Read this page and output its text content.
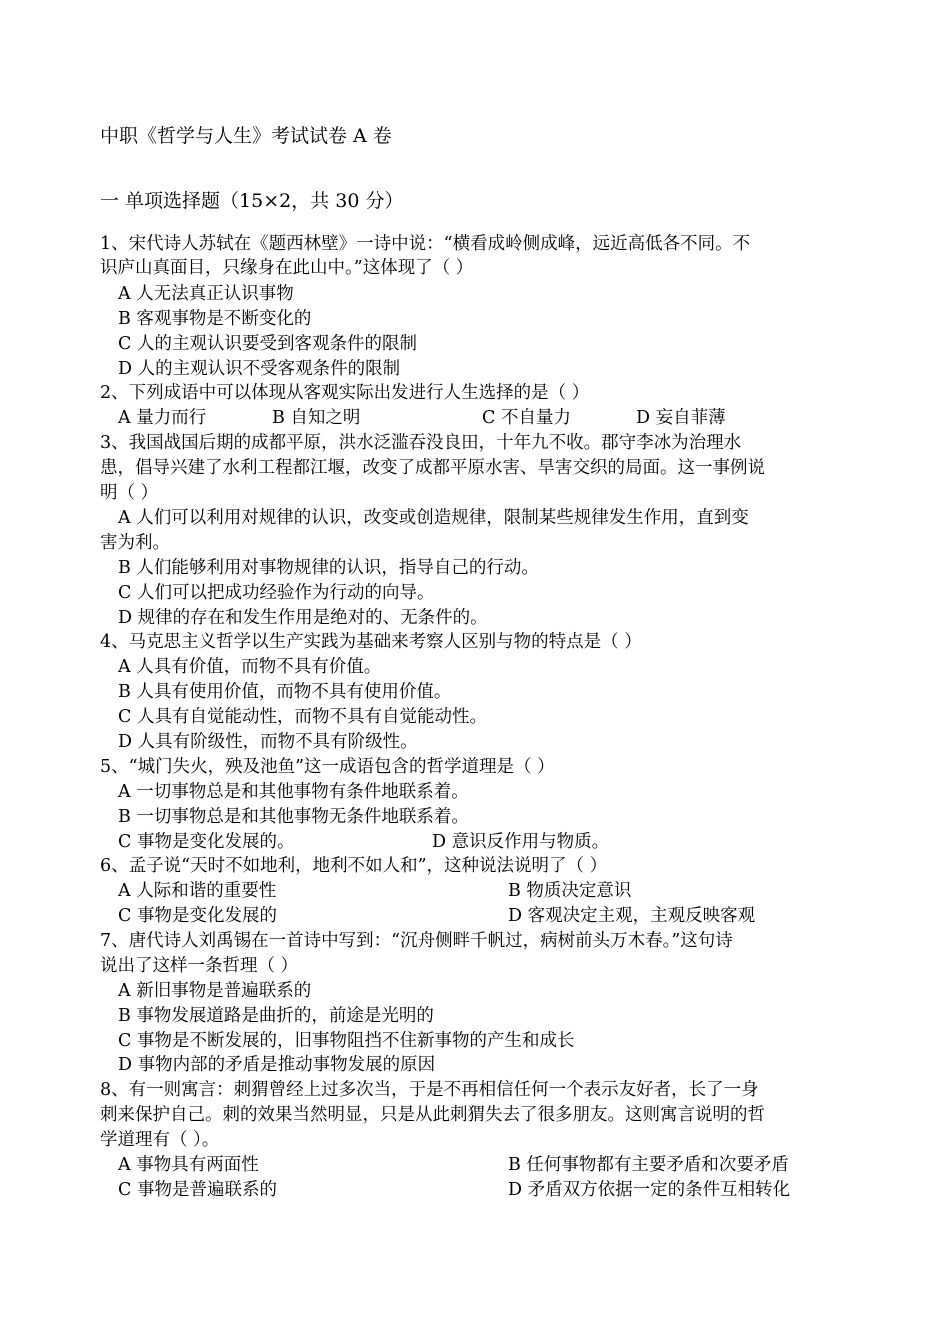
中职《哲学与人生》考试试卷 A 卷
一 单项选择题（15×2，共 30 分）
1、宋代诗人苏轼在《题西林壁》一诗中说：“横看成岭侧成峰，远近高低各不同。不
识庐山真面目，只缘身在此山中。”这体现了（ ）
A 人无法真正认识事物
B 客观事物是不断变化的
C 人的主观认识要受到客观条件的限制
D 人的主观认识不受客观条件的限制
2、下列成语中可以体现从客观实际出发进行人生选择的是（ ）
A 量力而行	B 自知之明	C 不自量力	D 妄自菲薄
3、我国战国后期的成都平原，洪水泛滥吞没良田，十年九不收。郡守李冰为治理水
患，倡导兴建了水利工程都江堰，改变了成都平原水害、旱害交织的局面。这一事例说
明（ ）
A 人们可以利用对规律的认识，改变或创造规律，限制某些规律发生作用，直到变
害为利。
B 人们能够利用对事物规律的认识，指导自己的行动。
C 人们可以把成功经验作为行动的向导。
D 规律的存在和发生作用是绝对的、无条件的。
4、马克思主义哲学以生产实践为基础来考察人区别与物的特点是（ ）
A 人具有价值，而物不具有价值。
B 人具有使用价值，而物不具有使用价值。
C 人具有自觉能动性，而物不具有自觉能动性。
D 人具有阶级性，而物不具有阶级性。
5、“城门失火，殃及池鱼”这一成语包含的哲学道理是（ ）
A 一切事物总是和其他事物有条件地联系着。
B 一切事物总是和其他事物无条件地联系着。
C 事物是变化发展的。	D 意识反作用与物质。
6、孟子说“天时不如地利，地利不如人和”，这种说法说明了（ ）
A 人际和谐的重要性	B 物质决定意识
C 事物是变化发展的	D 客观决定主观，主观反映客观
7、唐代诗人刘禹锡在一首诗中写到：“沉舟侧畔千帆过，病树前头万木春。”这句诗
说出了这样一条哲理（ ）
A 新旧事物是普遍联系的
B 事物发展道路是曲折的，前途是光明的
C 事物是不断发展的，旧事物阻挡不住新事物的产生和成长
D 事物内部的矛盾是推动事物发展的原因
8、有一则寓言：刺猬曾经上过多次当，于是不再相信任何一个表示友好者，长了一身
刺来保护自己。刺的效果当然明显，只是从此刺猬失去了很多朋友。这则寓言说明的哲
学道理有（ ）。
A 事物具有两面性	B 任何事物都有主要矛盾和次要矛盾
C 事物是普遍联系的	D 矛盾双方依据一定的条件互相转化
